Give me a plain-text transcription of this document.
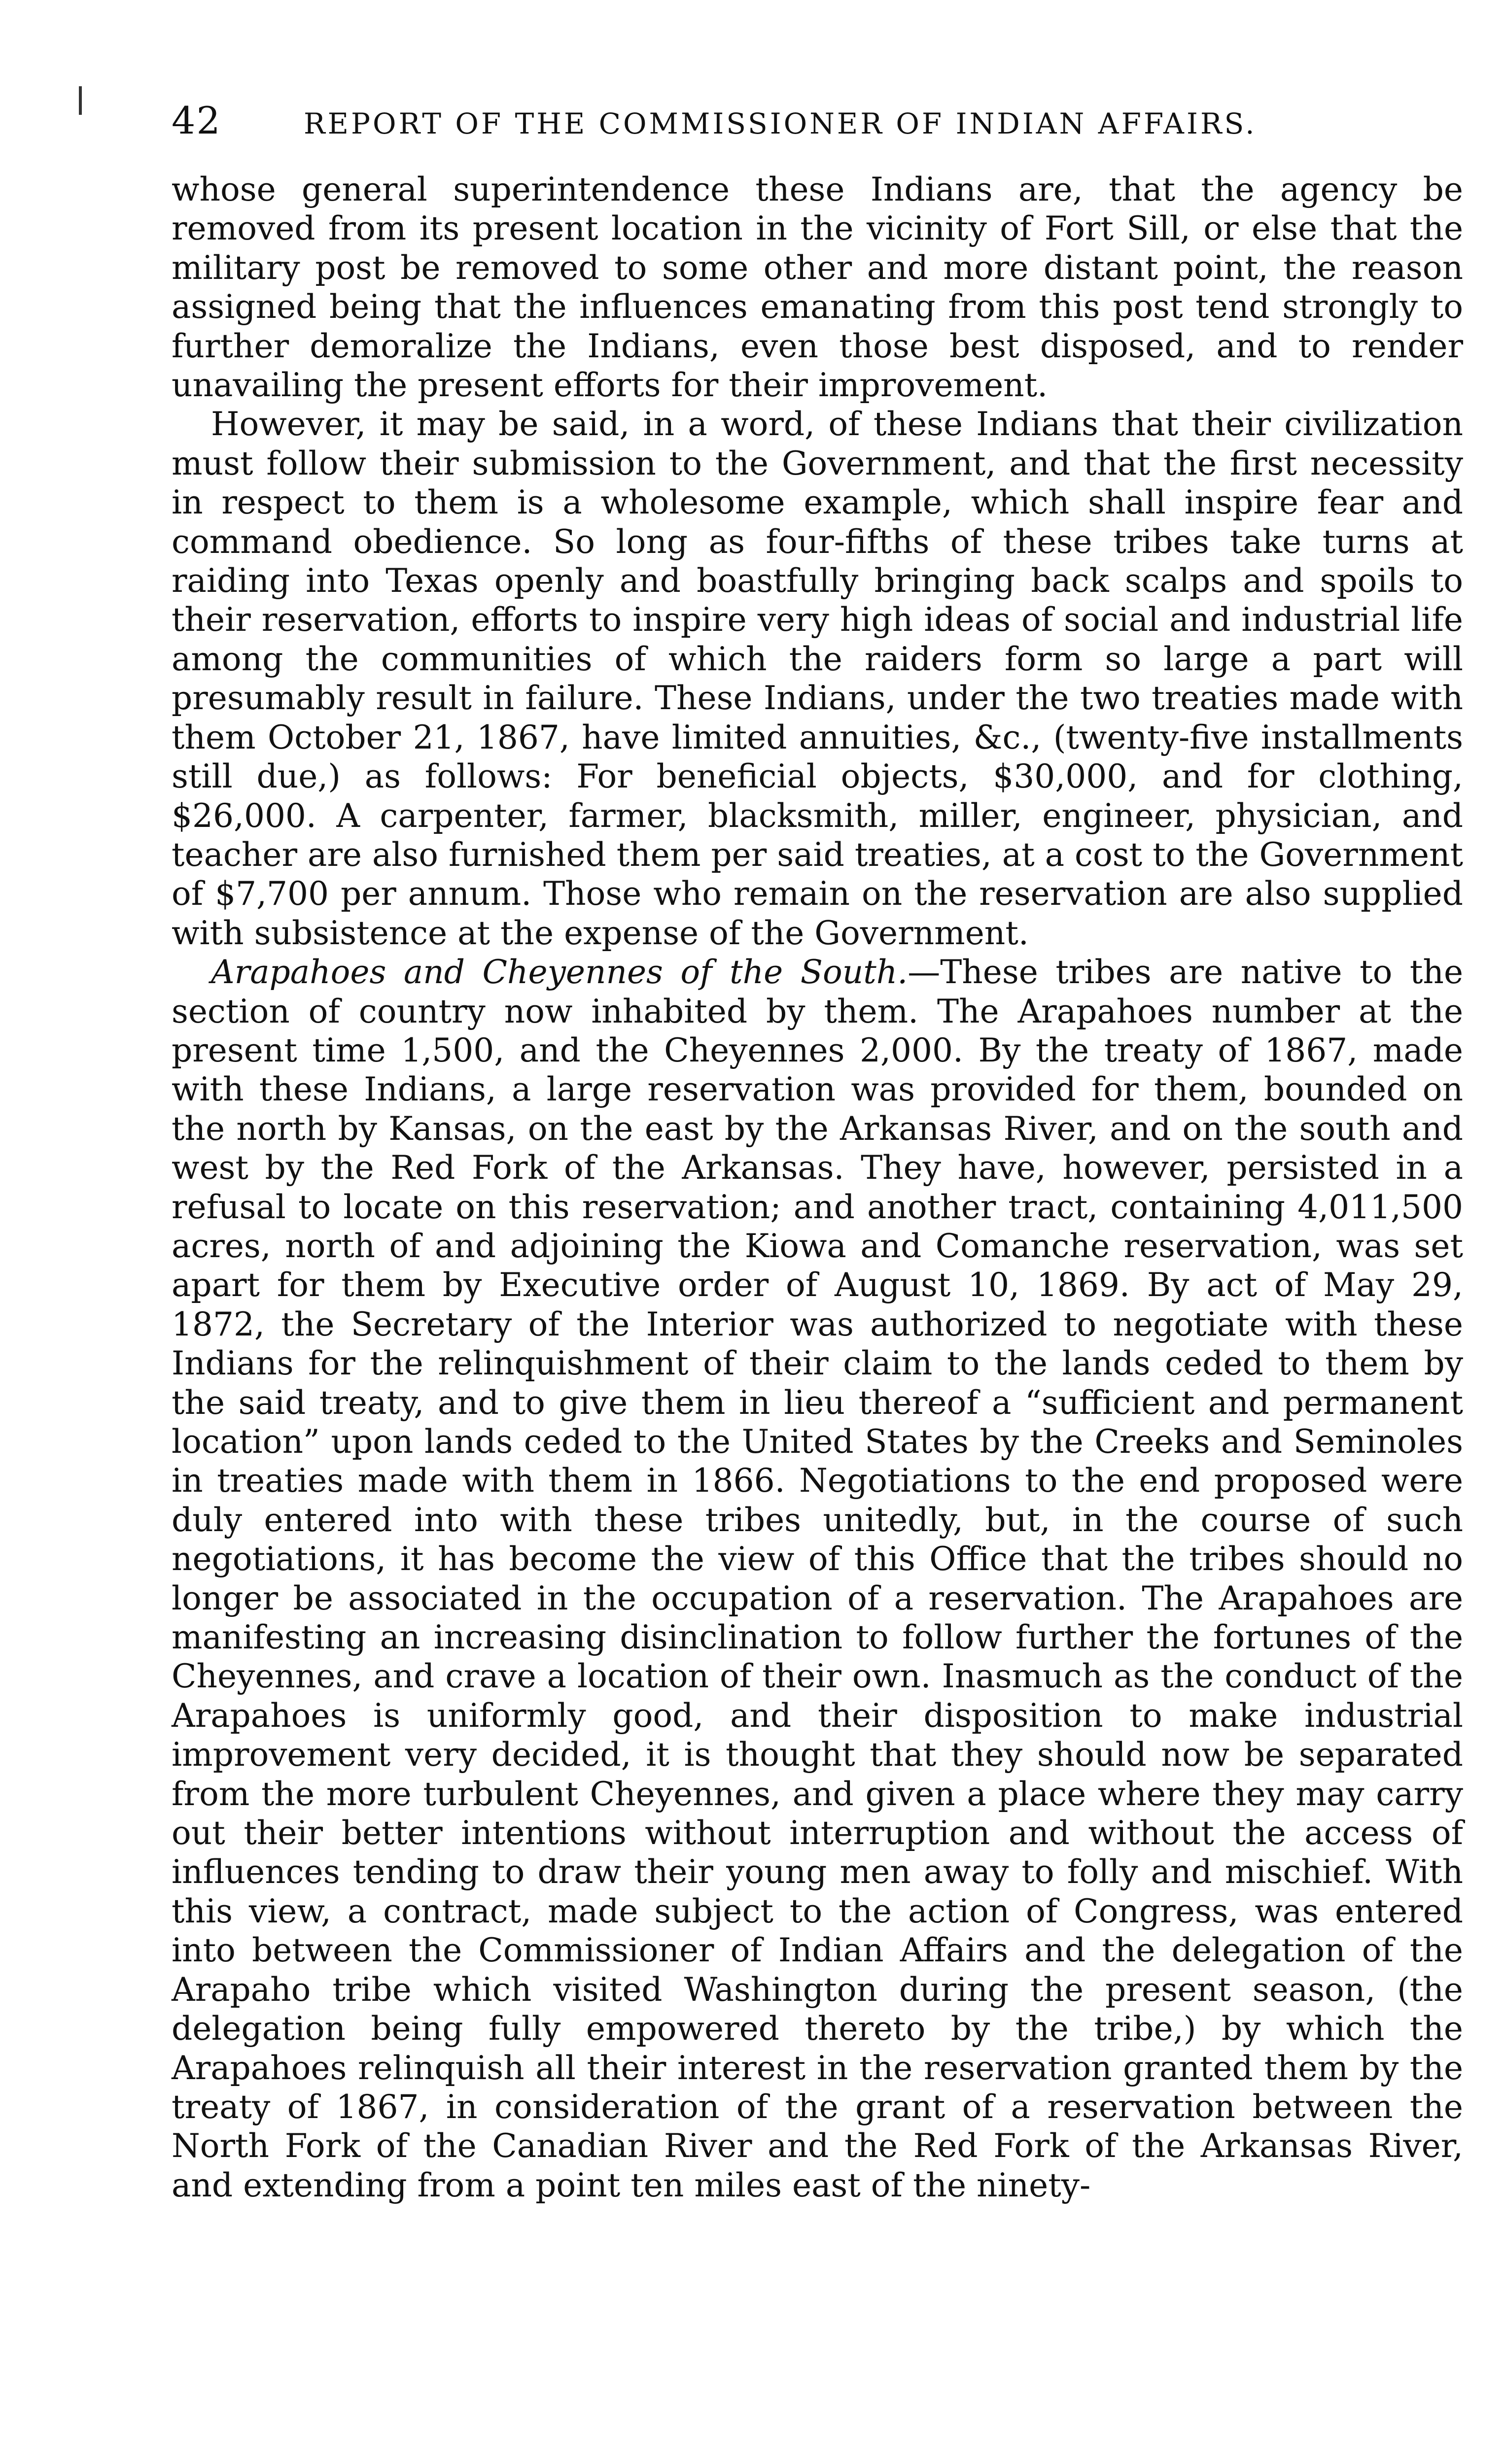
42	REPORT OF THE COMMISSIONER OF INDIAN AFFAIRS.

whose general superintendence these Indians are, that the agency be removed from its present location in the vicinity of Fort Sill, or else that the military post be removed to some other and more distant point, the reason assigned being that the influences emanating from this post tend strongly to further demoralize the Indians, even those best disposed, and to render unavailing the present efforts for their improvement.

However, it may be said, in a word, of these Indians that their civilization must follow their submission to the Government, and that the first necessity in respect to them is a wholesome example, which shall inspire fear and command obedience. So long as four-fifths of these tribes take turns at raiding into Texas openly and boastfully bringing back scalps and spoils to their reservation, efforts to inspire very high ideas of social and industrial life among the communities of which the raiders form so large a part will presumably result in failure. These Indians, under the two treaties made with them October 21, 1867, have limited annuities, &c., (twenty-five installments still due,) as follows: For beneficial objects, $30,000, and for clothing, $26,000. A carpenter, farmer, blacksmith, miller, engineer, physician, and teacher are also furnished them per said treaties, at a cost to the Government of $7,700 per annum. Those who remain on the reservation are also supplied with subsistence at the expense of the Government.

Arapahoes and Cheyennes of the South.—These tribes are native to the section of country now inhabited by them. The Arapahoes number at the present time 1,500, and the Cheyennes 2,000. By the treaty of 1867, made with these Indians, a large reservation was provided for them, bounded on the north by Kansas, on the east by the Arkansas River, and on the south and west by the Red Fork of the Arkansas. They have, however, persisted in a refusal to locate on this reservation; and another tract, containing 4,011,500 acres, north of and adjoining the Kiowa and Comanche reservation, was set apart for them by Executive order of August 10, 1869. By act of May 29, 1872, the Secretary of the Interior was authorized to negotiate with these Indians for the relinquishment of their claim to the lands ceded to them by the said treaty, and to give them in lieu thereof a “sufficient and permanent location” upon lands ceded to the United States by the Creeks and Seminoles in treaties made with them in 1866. Negotiations to the end proposed were duly entered into with these tribes unitedly, but, in the course of such negotiations, it has become the view of this Office that the tribes should no longer be associated in the occupation of a reservation. The Arapahoes are manifesting an increasing disinclination to follow further the fortunes of the Cheyennes, and crave a location of their own. Inasmuch as the conduct of the Arapahoes is uniformly good, and their disposition to make industrial improvement very decided, it is thought that they should now be separated from the more turbulent Cheyennes, and given a place where they may carry out their better intentions without interruption and without the access of influences tending to draw their young men away to folly and mischief. With this view, a contract, made subject to the action of Congress, was entered into between the Commissioner of Indian Affairs and the delegation of the Arapaho tribe which visited Washington during the present season, (the delegation being fully empowered thereto by the tribe,) by which the Arapahoes relinquish all their interest in the reservation granted them by the treaty of 1867, in consideration of the grant of a reservation between the North Fork of the Canadian River and the Red Fork of the Arkansas River, and extending from a point ten miles east of the ninety-
